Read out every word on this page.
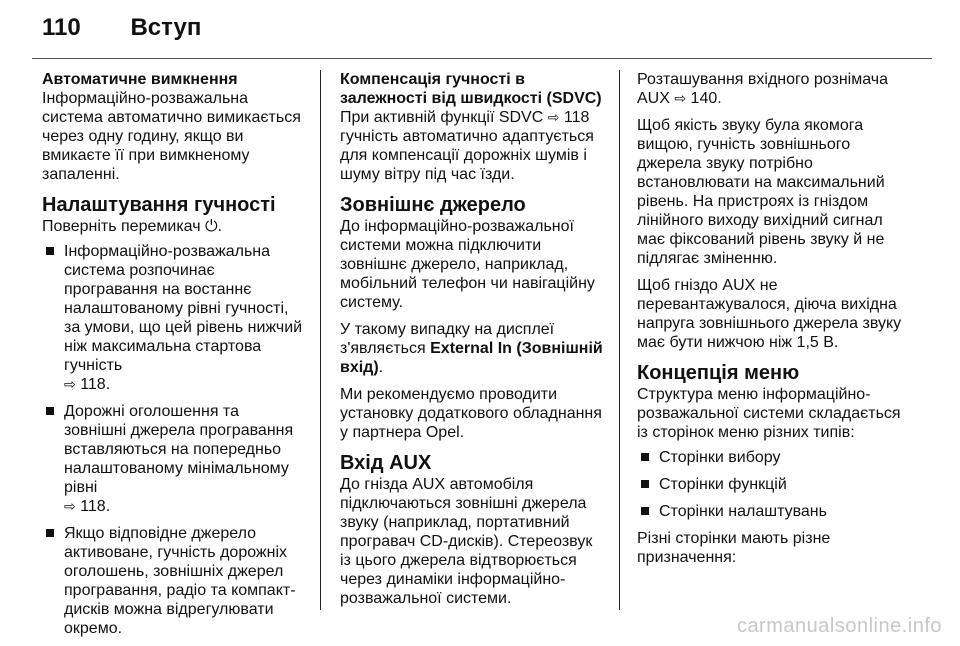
110 Вступ
Автоматичне вимкнення

Інформаційно-розважальна система автоматично вимикається через одну годину, якщо ви вмикаєте її при вимкненому запаленні.

Налаштування гучності

Поверніть перемикач ⏻.

Інформаційно-розважальна система розпочинає програвання на востаннє налаштованому рівні гучності, за умови, що цей рівень нижчий ніж максимальна стартова гучність
⇨ 118.
Дорожні оголошення та зовнішні джерела програвання вставляються на попередньо налаштованому мінімальному рівні
⇨ 118.
Якщо відповідне джерело активоване, гучність дорожніх оголошень, зовнішніх джерел програвання, радіо та компакт-дисків можна відрегулювати окремо.
Компенсація гучності в залежності від швидкості (SDVC)

При активній функції SDVC ⇨ 118 гучність автоматично адаптується для компенсації дорожніх шумів і шуму вітру під час їзди.

Зовнішнє джерело

До інформаційно-розважальної системи можна підключити зовнішнє джерело, наприклад, мобільний телефон чи навігаційну систему.

У такому випадку на дисплеї з'являється External In (Зовнішній вхід).

Ми рекомендуємо проводити установку додаткового обладнання у партнера Opel.

Вхід AUX

До гнізда AUX автомобіля підключаються зовнішні джерела звуку (наприклад, портативний програвач CD-дисків). Стереозвук із цього джерела відтворюється через динаміки інформаційно-розважальної системи.

Розташування вхідного рознімача AUX ⇨ 140.

Щоб якість звуку була якомога вищою, гучність зовнішнього джерела звуку потрібно встановлювати на максимальний рівень. На пристроях із гніздом лінійного виходу вихідний сигнал має фіксований рівень звуку й не підлягає зміненню.

Щоб гніздо AUX не перевантажувалося, діюча вихідна напруга зовнішнього джерела звуку має бути нижчою ніж 1,5 В.

Концепція меню

Структура меню інформаційно-розважальної системи складається із сторінок меню різних типів:

Сторінки вибору
Сторінки функцій
Сторінки налаштувань

Різні сторінки мають різне призначення:

carmanualsonline.info
